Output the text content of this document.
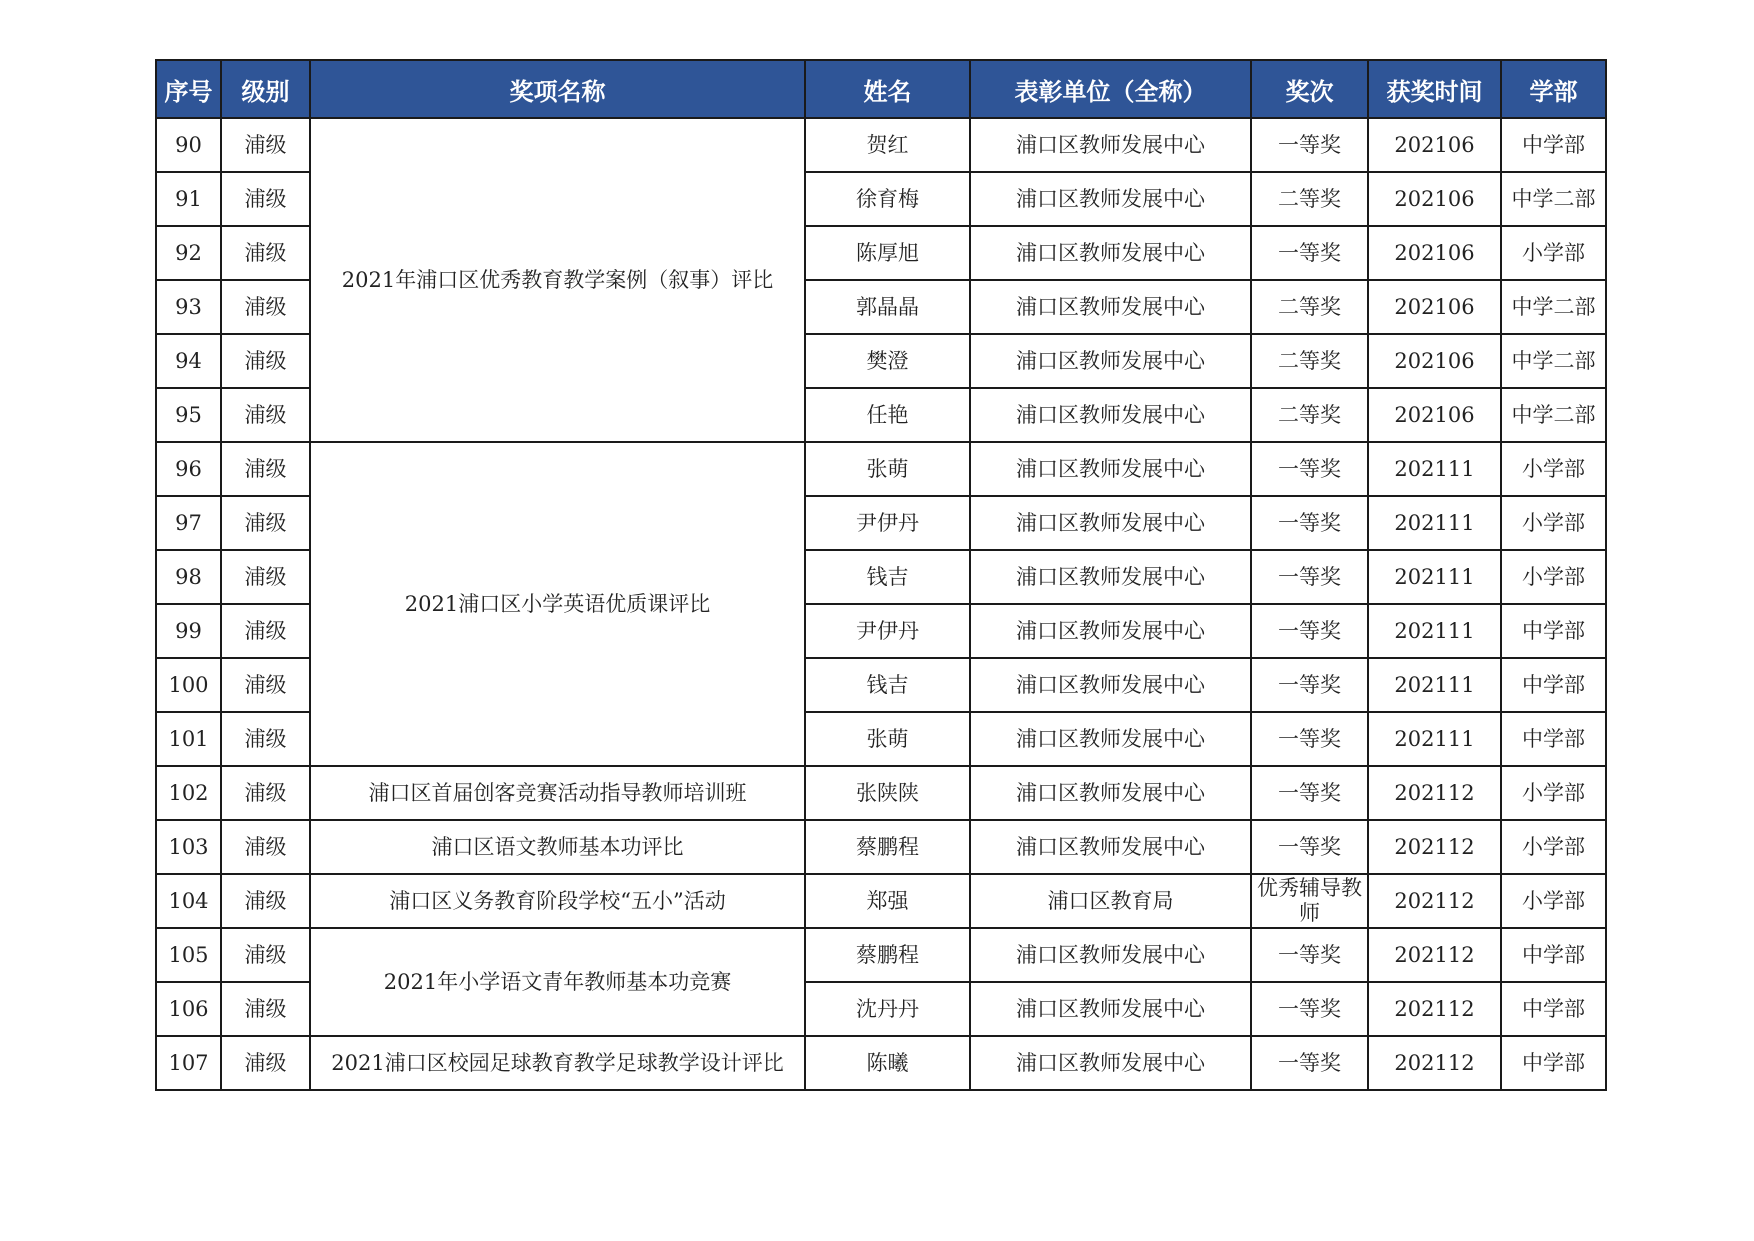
序号	级别	奖项名称	姓名	表彰单位（全称）	奖次	获奖时间	学部
90	浦级	2021年浦口区优秀教育教学案例（叙事）评比	贺红	浦口区教师发展中心	一等奖	202106	中学部
91	浦级		徐育梅	浦口区教师发展中心	二等奖	202106	中学二部
92	浦级		陈厚旭	浦口区教师发展中心	一等奖	202106	小学部
93	浦级		郭晶晶	浦口区教师发展中心	二等奖	202106	中学二部
94	浦级		樊澄	浦口区教师发展中心	二等奖	202106	中学二部
95	浦级		任艳	浦口区教师发展中心	二等奖	202106	中学二部
96	浦级	2021浦口区小学英语优质课评比	张萌	浦口区教师发展中心	一等奖	202111	小学部
97	浦级		尹伊丹	浦口区教师发展中心	一等奖	202111	小学部
98	浦级		钱吉	浦口区教师发展中心	一等奖	202111	小学部
99	浦级		尹伊丹	浦口区教师发展中心	一等奖	202111	中学部
100	浦级		钱吉	浦口区教师发展中心	一等奖	202111	中学部
101	浦级		张萌	浦口区教师发展中心	一等奖	202111	中学部
102	浦级	浦口区首届创客竞赛活动指导教师培训班	张陕陕	浦口区教师发展中心	一等奖	202112	小学部
103	浦级	浦口区语文教师基本功评比	蔡鹏程	浦口区教师发展中心	一等奖	202112	小学部
104	浦级	浦口区义务教育阶段学校“五小”活动	郑强	浦口区教育局	优秀辅导教师	202112	小学部
105	浦级	2021年小学语文青年教师基本功竞赛	蔡鹏程	浦口区教师发展中心	一等奖	202112	中学部
106	浦级		沈丹丹	浦口区教师发展中心	一等奖	202112	中学部
107	浦级	2021浦口区校园足球教育教学足球教学设计评比	陈曦	浦口区教师发展中心	一等奖	202112	中学部
